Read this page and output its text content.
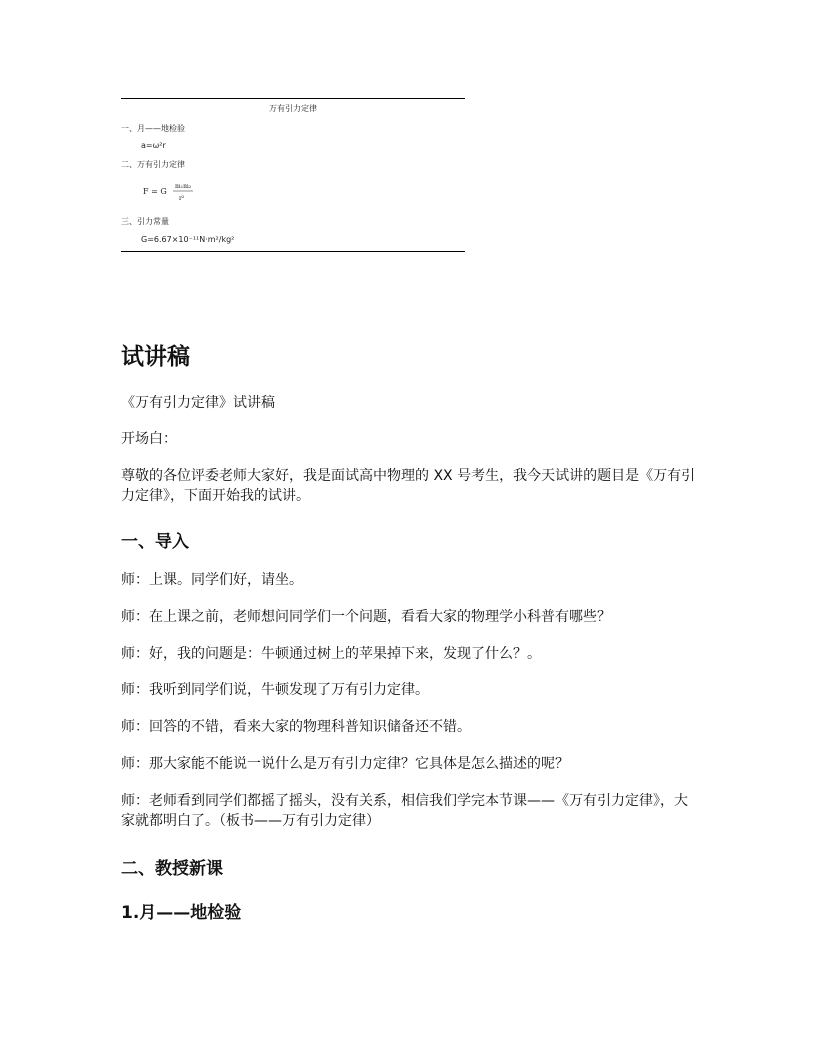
万有引力定律
一、月——地检验
a=ω²r
二、万有引力定律
F = G
m₁m₂
r²
三、引力常量
G=6.67×10⁻¹¹N·m²/kg²
试讲稿

《万有引力定律》试讲稿

开场白：

尊敬的各位评委老师大家好，我是面试高中物理的 XX 号考生，我今天试讲的题目是《万有引力定律》，下面开始我的试讲。

一、导入

师：上课。同学们好，请坐。

师：在上课之前，老师想问同学们一个问题，看看大家的物理学小科普有哪些？

师：好，我的问题是：牛顿通过树上的苹果掉下来，发现了什么？。

师：我听到同学们说，牛顿发现了万有引力定律。

师：回答的不错，看来大家的物理科普知识储备还不错。

师：那大家能不能说一说什么是万有引力定律？它具体是怎么描述的呢？

师：老师看到同学们都摇了摇头，没有关系，相信我们学完本节课——《万有引力定律》，大家就都明白了。（板书——万有引力定律）

二、教授新课
1.月——地检验
